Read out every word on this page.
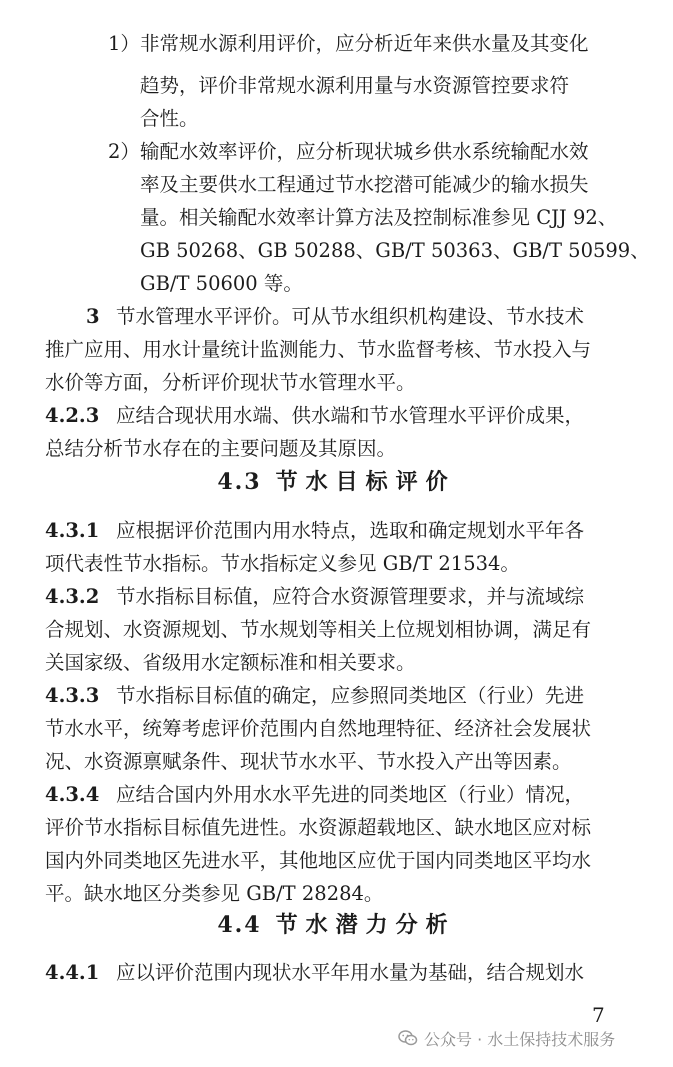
1） 非常规水源利用评价，应分析近年来供水量及其变化
趋势，评价非常规水源利用量与水资源管控要求符
合性。
2） 输配水效率评价，应分析现状城乡供水系统输配水效
率及主要供水工程通过节水挖潜可能减少的输水损失
量。相关输配水效率计算方法及控制标准参见 CJJ 92、
GB 50268、GB 50288、GB/T 50363、GB/T 50599、
GB/T 50600 等。
3 节水管理水平评价。可从节水组织机构建设、节水技术
推广应用、用水计量统计监测能力、节水监督考核、节水投入与
水价等方面，分析评价现状节水管理水平。
4.2.3 应结合现状用水端、供水端和节水管理水平评价成果，
总结分析节水存在的主要问题及其原因。
4.3 节水目标评价
4.3.1 应根据评价范围内用水特点，选取和确定规划水平年各
项代表性节水指标。节水指标定义参见 GB/T 21534。
4.3.2 节水指标目标值，应符合水资源管理要求，并与流域综
合规划、水资源规划、节水规划等相关上位规划相协调，满足有
关国家级、省级用水定额标准和相关要求。
4.3.3 节水指标目标值的确定，应参照同类地区（行业）先进
节水水平，统筹考虑评价范围内自然地理特征、经济社会发展状
况、水资源禀赋条件、现状节水水平、节水投入产出等因素。
4.3.4 应结合国内外用水水平先进的同类地区（行业）情况，
评价节水指标目标值先进性。水资源超载地区、缺水地区应对标
国内外同类地区先进水平，其他地区应优于国内同类地区平均水
平。缺水地区分类参见 GB/T 28284。
4.4 节水潜力分析
4.4.1 应以评价范围内现状水平年用水量为基础，结合规划水
7
公众号 · 水土保持技术服务
